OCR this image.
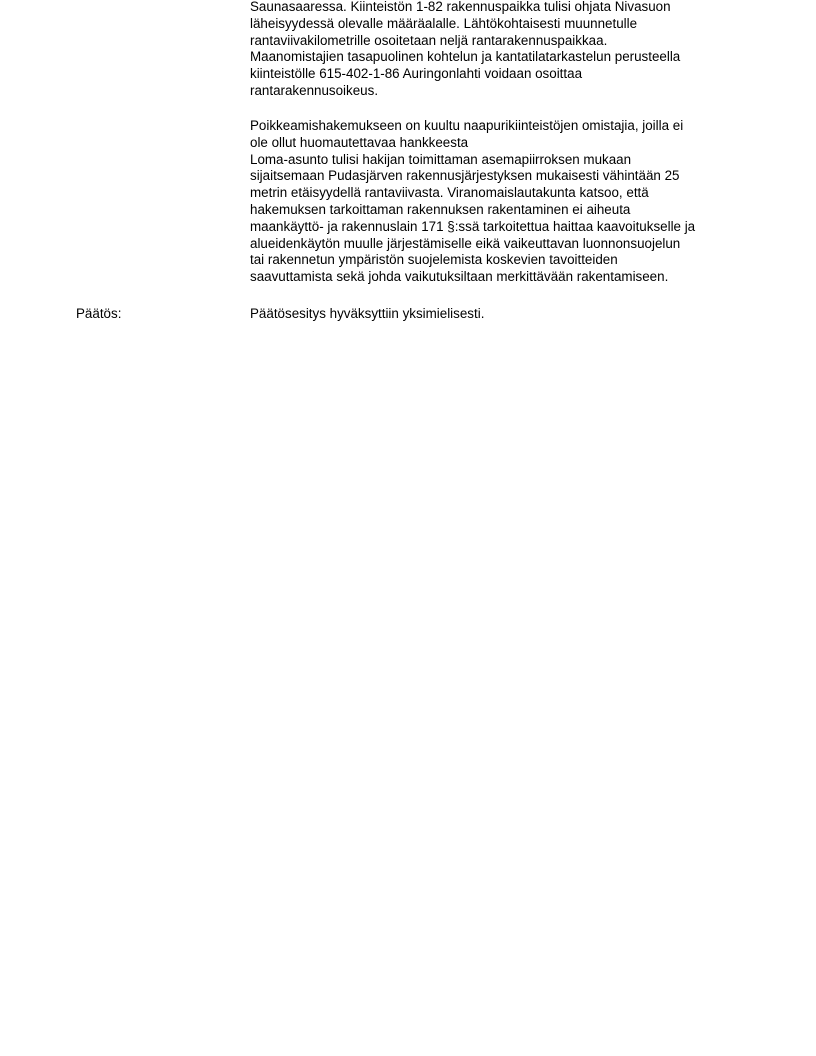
Saunasaaressa. Kiinteistön 1-82 rakennuspaikka tulisi ohjata Nivasuon
läheisyydessä olevalle määräalalle. Lähtökohtaisesti muunnetulle
rantaviivakilometrille osoitetaan neljä rantarakennuspaikkaa.
Maanomistajien tasapuolinen kohtelun ja kantatilatarkastelun perusteella
kiinteistölle 615-402-1-86 Auringonlahti voidaan osoittaa
rantarakennusoikeus.
Poikkeamishakemukseen on kuultu naapurikiinteistöjen omistajia, joilla ei
ole ollut huomautettavaa hankkeesta
Loma-asunto tulisi hakijan toimittaman asemapiirroksen mukaan
sijaitsemaan Pudasjärven rakennusjärjestyksen mukaisesti vähintään 25
metrin etäisyydellä rantaviivasta. Viranomaislautakunta katsoo, että
hakemuksen tarkoittaman rakennuksen rakentaminen ei aiheuta
maankäyttö- ja rakennuslain 171 §:ssä tarkoitettua haittaa kaavoitukselle ja
alueidenkäytön muulle järjestämiselle eikä vaikeuttavan luonnonsuojelun
tai rakennetun ympäristön suojelemista koskevien tavoitteiden
saavuttamista sekä johda vaikutuksiltaan merkittävään rakentamiseen.
Päätös:	Päätösesitys hyväksyttiin yksimielisesti.
